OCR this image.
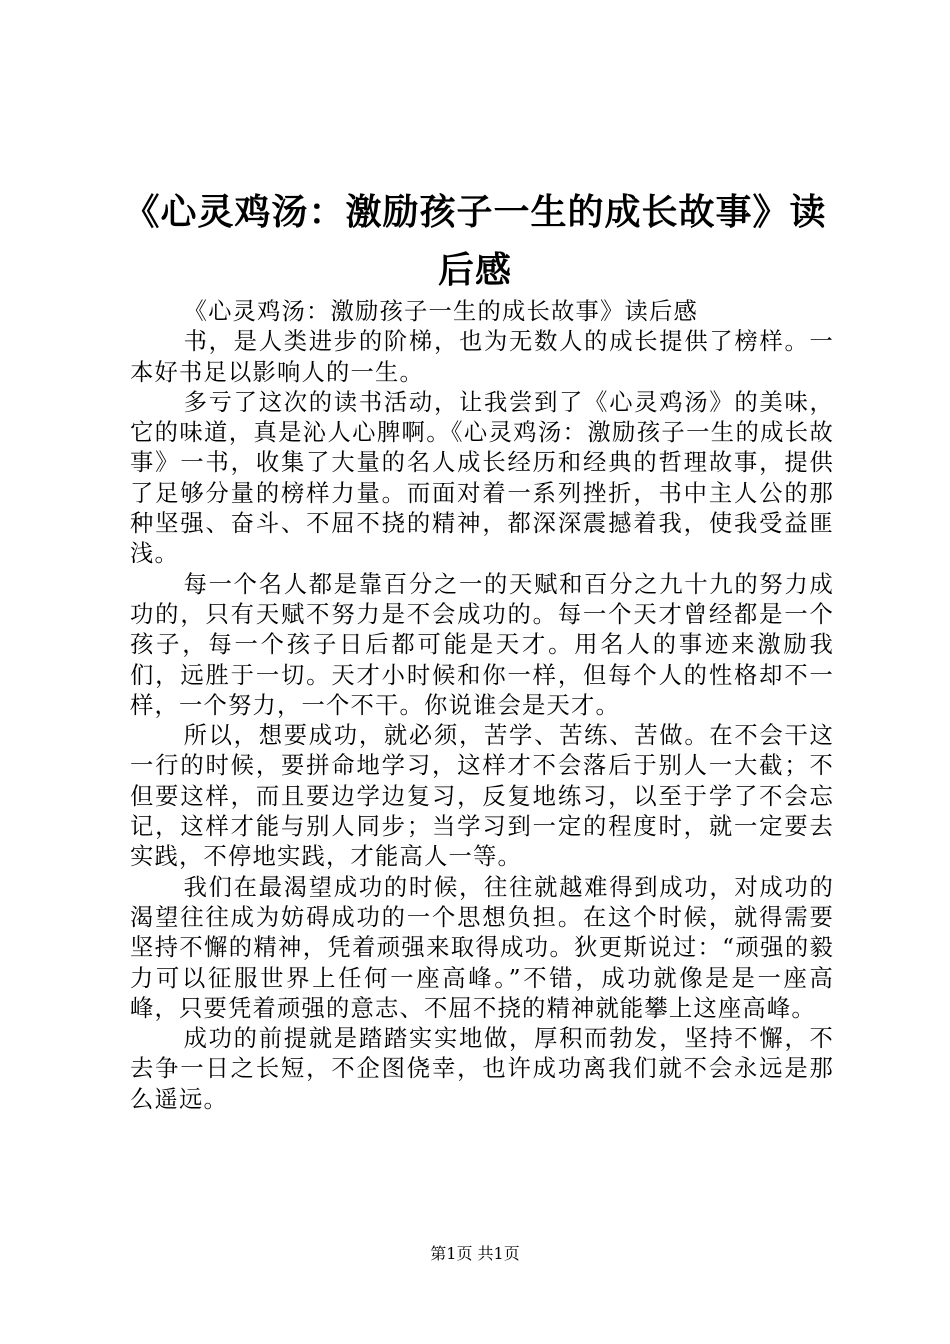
《心灵鸡汤：激励孩子一生的成长故事》读后感

《心灵鸡汤：激励孩子一生的成长故事》读后感

书，是人类进步的阶梯，也为无数人的成长提供了榜样。一本好书足以影响人的一生。

多亏了这次的读书活动，让我尝到了《心灵鸡汤》的美味，它的味道，真是沁人心脾啊。《心灵鸡汤：激励孩子一生的成长故事》一书，收集了大量的名人成长经历和经典的哲理故事，提供了足够分量的榜样力量。而面对着一系列挫折，书中主人公的那种坚强、奋斗、不屈不挠的精神，都深深震撼着我，使我受益匪浅。

每一个名人都是靠百分之一的天赋和百分之九十九的努力成功的，只有天赋不努力是不会成功的。每一个天才曾经都是一个孩子，每一个孩子日后都可能是天才。用名人的事迹来激励我们，远胜于一切。天才小时候和你一样，但每个人的性格却不一样，一个努力，一个不干。你说谁会是天才。

所以，想要成功，就必须，苦学、苦练、苦做。在不会干这一行的时候，要拼命地学习，这样才不会落后于别人一大截；不但要这样，而且要边学边复习，反复地练习，以至于学了不会忘记，这样才能与别人同步；当学习到一定的程度时，就一定要去实践，不停地实践，才能高人一等。

我们在最渴望成功的时候，往往就越难得到成功，对成功的渴望往往成为妨碍成功的一个思想负担。在这个时候，就得需要坚持不懈的精神，凭着顽强来取得成功。狄更斯说过：“顽强的毅力可以征服世界上任何一座高峰。”不错，成功就像是是一座高峰，只要凭着顽强的意志、不屈不挠的精神就能攀上这座高峰。

成功的前提就是踏踏实实地做，厚积而勃发，坚持不懈，不去争一日之长短，不企图侥幸，也许成功离我们就不会永远是那么遥远。

第1页 共1页
